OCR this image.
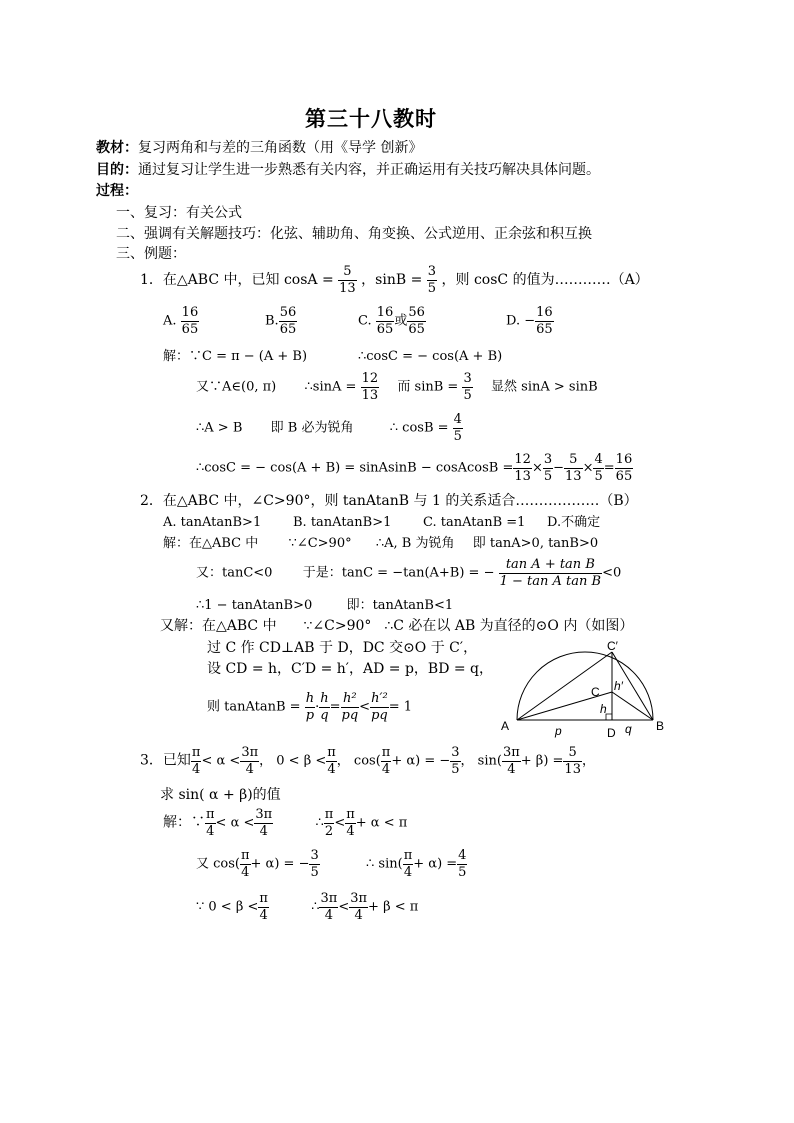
第三十八教时
教材：复习两角和与差的三角函数（用《导学 创新》
目的：通过复习让学生进一步熟悉有关内容，并正确运用有关技巧解决具体问题。
过程：
一、复习：有关公式
二、强调有关解题技巧：化弦、辅助角、角变换、公式逆用、正余弦和积互换
三、例题：
1．在△ABC 中，已知 $\cos A = \frac{5}{13}$ ，$\sin B = \frac{3}{5}$ ，则 cosC 的值为…………（A）
A. $\frac{16}{65}$	B. $\frac{56}{65}$	C. $\frac{16}{65}$ 或 $\frac{56}{65}$	D. − $\frac{16}{65}$
解：∵C = π − (A + B)	∴cosC = − cos(A + B)
又∵A∈(0, π) ∴sinA = $\frac{12}{13}$ 而 $\sin B = \frac{3}{5}$ 显然 sinA > sinB
∴A > B 即 B 必为锐角	∴ $\cos B = \frac{4}{5}$
∴cosC = − cos(A + B) = sinAsinB − cosAcosB = $\frac{12}{13} \times \frac{3}{5} - \frac{5}{13} \times \frac{4}{5} = \frac{16}{65}$
2．在△ABC 中，∠C>90°，则 tanAtanB 与 1 的关系适合………………（B）
A. tanAtanB>1 B. tanAtanB>1 C. tanAtanB =1 D.不确定
解：在△ABC 中 ∵∠C>90° ∴A, B 为锐角 即 tanA>0, tanB>0
又：tanC<0 于是：tanC = −tan(A+B) = − $\frac{\text{tan A + tan B}}{\text{1 − tan A tan B}} <0$
∴1 − tanAtanB>0	即：tanAtanB<1
又解：在△ABC 中 ∵∠C>90° ∴C 必在以 AB 为直径的⊙O 内（如图）
过 C 作 CD⊥AB 于 D，DC 交⊙O 于 C′，
设 CD = h，C′D = h′，AD = p，BD = q，
则 tanAtanB = $\frac{h}{p} \cdot \frac{h}{q} = \frac{\text{h²}}{pq} < \frac{\text{h′²}}{pq} = 1$
A	B
C
C′
D
h
h′
p	q
3．已知 $\frac{\pi}{4} < \alpha < \frac{3\pi}{4}$ ， $0 < \beta < \frac{\pi}{4}$ ， $\cos( \frac{\pi}{4} + \alpha)$ = − $\frac{3}{5}$ ， $\sin( \frac{3\pi}{4} + \beta) = \frac{5}{13}$ ，
求 sin( α + β)的值
解：∵ $\frac{\pi}{4} < \alpha < \frac{3\pi}{4}$	∴ $\frac{\pi}{2} < \frac{\pi}{4} + \alpha < \pi$
又 $\cos( \frac{\pi}{4} + \alpha)$ = − $\frac{3}{5}$	∴ $\sin( \frac{\pi}{4} + \alpha) = \frac{4}{5}$
∵ $0 < \beta < \frac{\pi}{4}$	∴ $\frac{3\pi}{4} < \frac{3\pi}{4} + \beta < \pi$
